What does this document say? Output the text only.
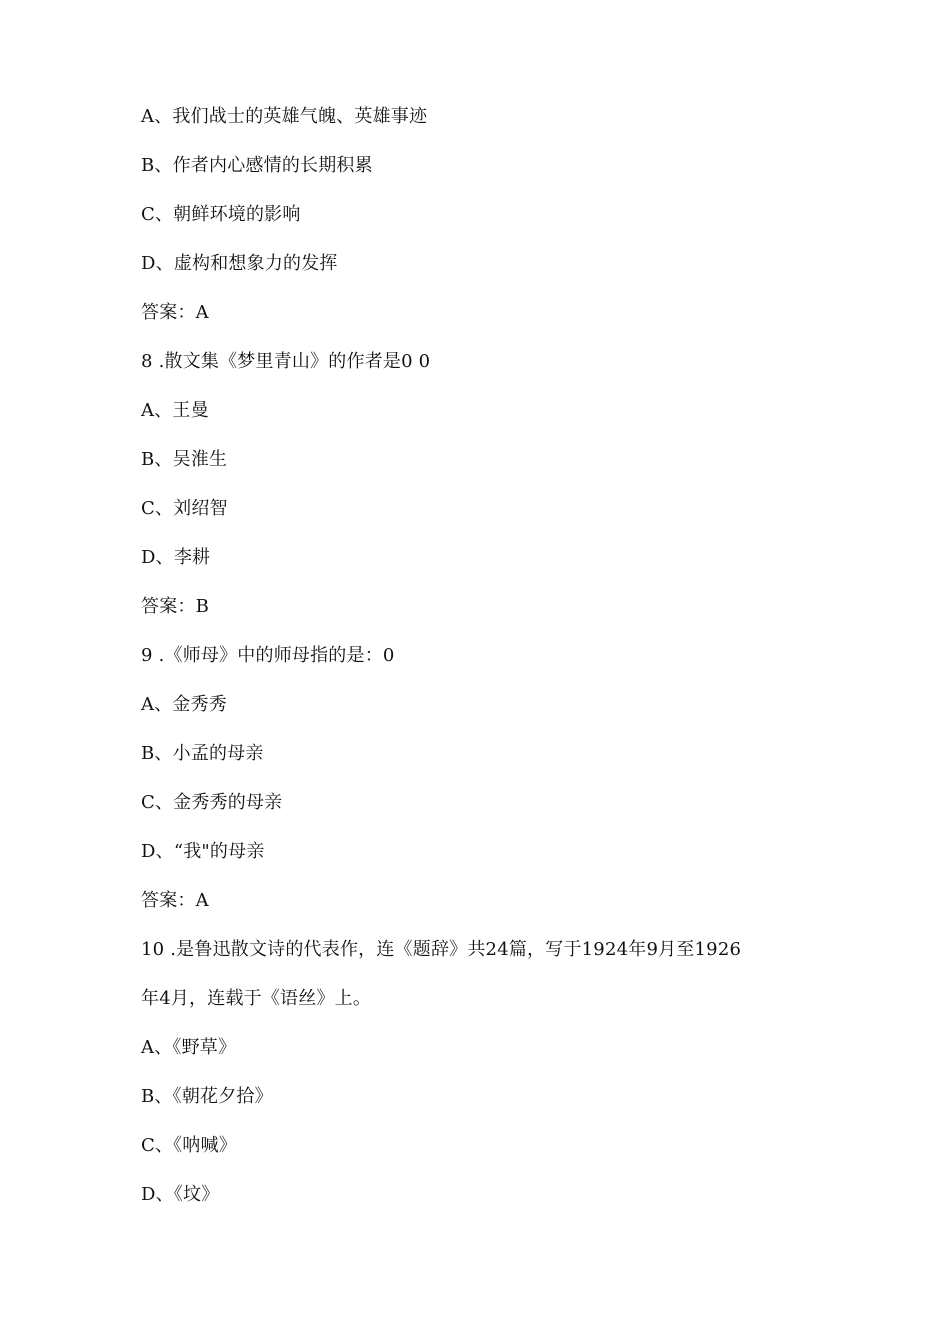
A、我们战士的英雄气魄、英雄事迹
B、作者内心感情的长期积累
C、朝鲜环境的影响
D、虚构和想象力的发挥
答案：A
8 .散文集《梦里青山》的作者是0 0
A、王曼
B、吴淮生
C、刘绍智
D、李耕
答案：B
9 .《师母》中的师母指的是：0
A、金秀秀
B、小孟的母亲
C、金秀秀的母亲
D、“我"的母亲
答案：A
10 .是鲁迅散文诗的代表作，连《题辞》共24篇，写于1924年9月至1926
年4月，连载于《语丝》上。
A、《野草》
B、《朝花夕拾》
C、《呐喊》
D、《坟》
